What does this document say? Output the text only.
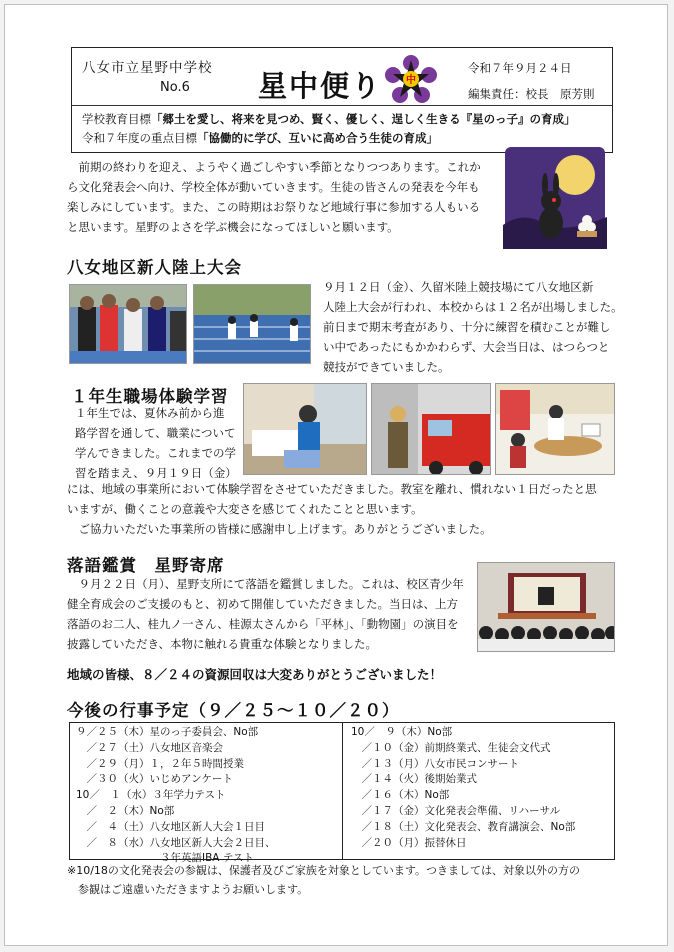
八女市立星野中学校
No.6 星中便り 中
令和７年９月２４日
編集責任：校長　原芳則
学校教育目標「郷土を愛し、将来を見つめ、賢く、優しく、逞しく生きる『星のっ子』の育成」
令和７年度の重点目標「協働的に学び、互いに高め合う生徒の育成」
　前期の終わりを迎え、ようやく過ごしやすい季節となりつつあります。これか
ら文化発表会へ向け、学校全体が動いていきます。生徒の皆さんの発表を今年も
楽しみにしています。また、この時期はお祭りなど地域行事に参加する人もいる
と思います。星野のよさを学ぶ機会になってほしいと願います。
八女地区新人陸上大会
９月１２日（金）、久留米陸上競技場にて八女地区新
人陸上大会が行われ、本校からは１２名が出場しました。
前日まで期末考査があり、十分に練習を積むことが難し
い中であったにもかかわらず、大会当日は、はつらつと
競技ができていました。
１年生職場体験学習
１年生では、夏休み前から進
路学習を通して、職業について
学んできました。これまでの学
習を踏まえ、９月１９日（金）
には、地域の事業所において体験学習をさせていただきました。教室を離れ、慣れない１日だったと思
いますが、働くことの意義や大変さを感じてくれたことと思います。
　ご協力いただいた事業所の皆様に感謝申し上げます。ありがとうございました。
落語鑑賞　星野寄席
　９月２２日（月）、星野支所にて落語を鑑賞しました。これは、校区青少年
健全育成会のご支援のもと、初めて開催していただきました。当日は、上方
落語のお二人、桂九ノ一さん、桂源太さんから「平林」、「動物園」の演目を
披露していただき、本物に触れる貴重な体験となりました。
地域の皆様、８／２４の資源回収は大変ありがとうございました！
今後の行事予定（９／２５～１０／２０）
９／２５（木）星のっ子委員会、No部
　／２７（土）八女地区音楽会
　／２９（月）１，２年５時間授業
　／３０（火）いじめアンケート
10／　１（水）３年学力テスト
　／　２（木）No部
　／　４（土）八女地区新人大会１日目
　／　８（水）八女地区新人大会２日目、
　　　　　　　　３年英語IBA テスト
10／　９（木）No部
　／１０（金）前期終業式、生徒会文代式
　／１３（月）八女市民コンサート
　／１４（火）後期始業式
　／１６（木）No部
　／１７（金）文化発表会準備、リハーサル
　／１８（土）文化発表会、教育講演会、No部
　／２０（月）振替休日
※10/18の文化発表会の参観は、保護者及びご家族を対象としています。つきましては、対象以外の方の
　参観はご遠慮いただきますようお願いします。
